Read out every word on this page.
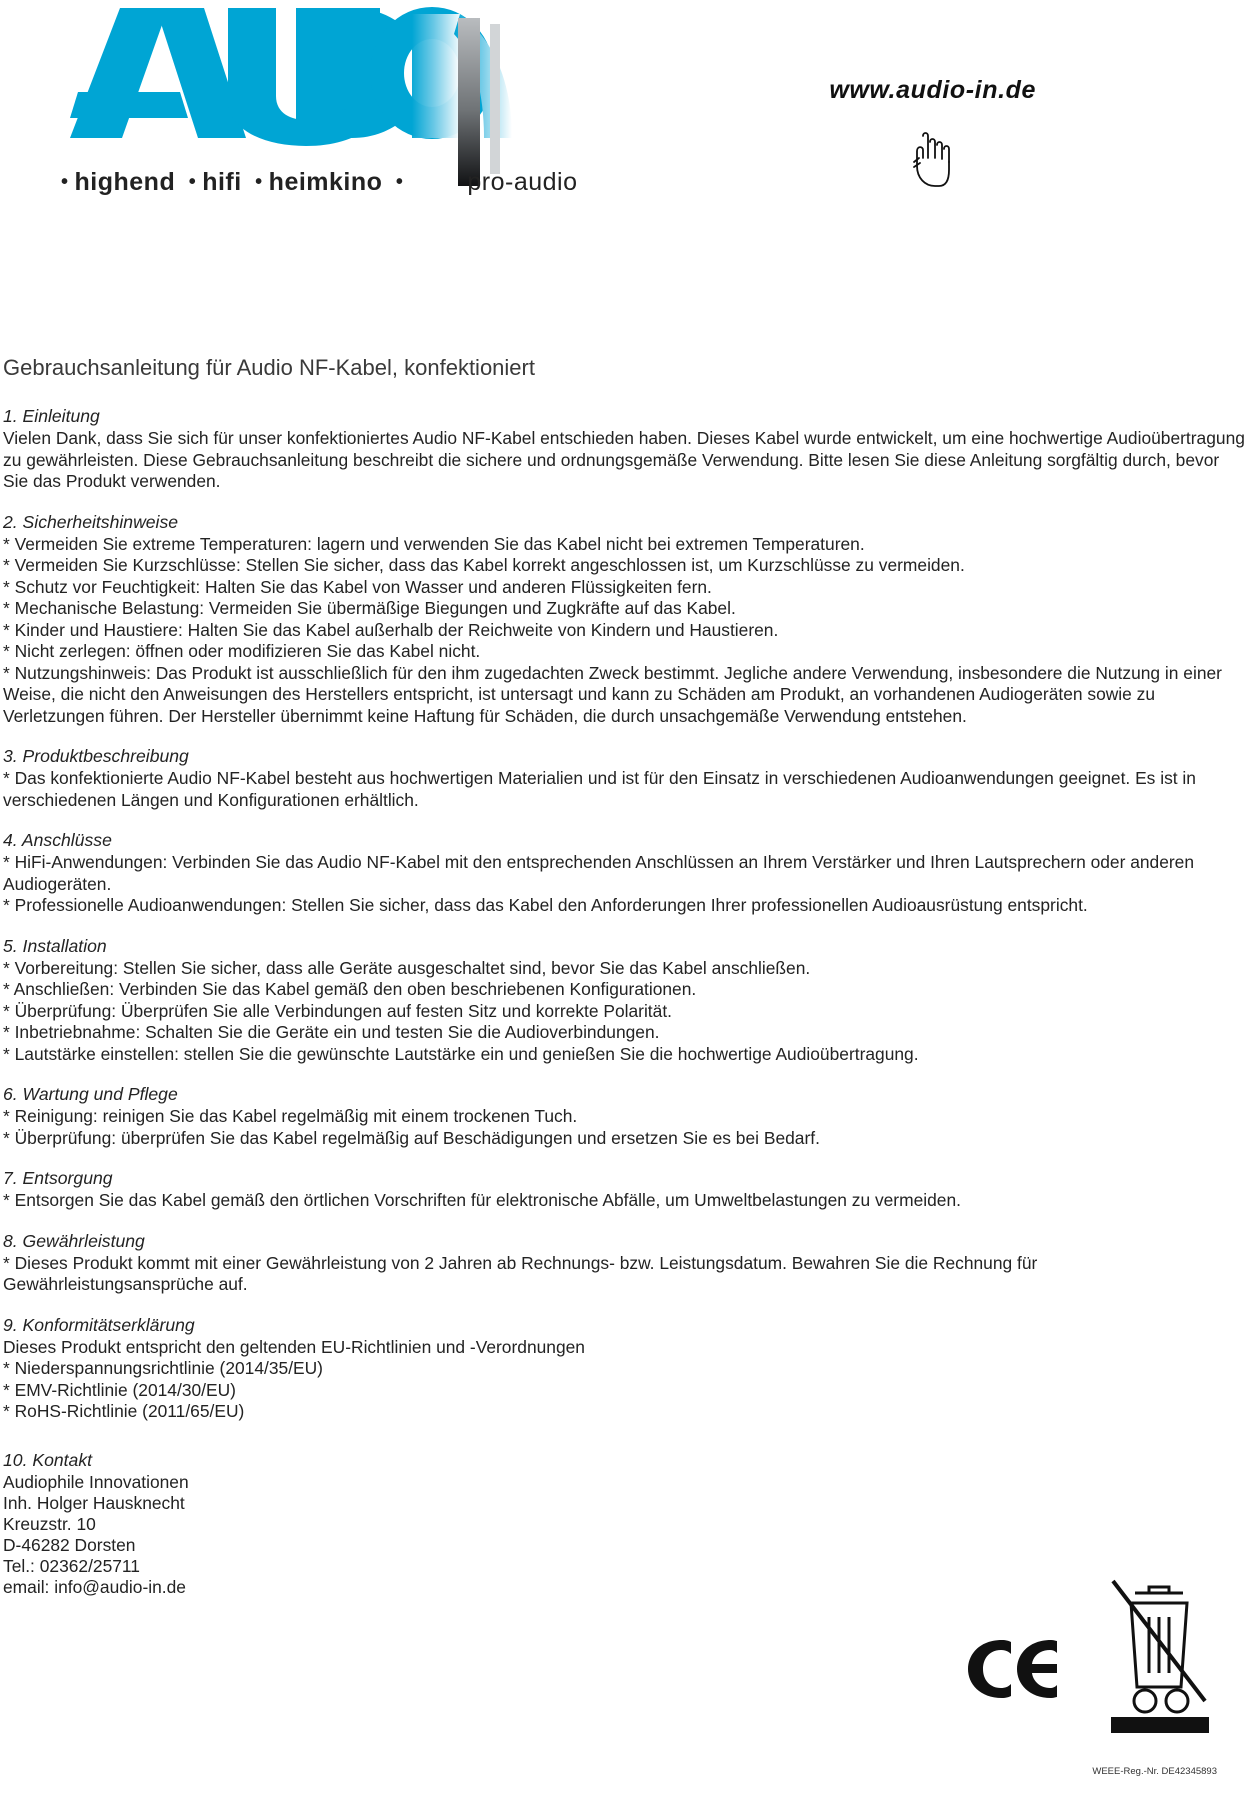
• highend • hifi • heimkino •	pro-audio
www.audio-in.de
Gebrauchsanleitung für Audio NF-Kabel, konfektioniert
1. Einleitung

Vielen Dank, dass Sie sich für unser konfektioniertes Audio NF-Kabel entschieden haben. Dieses Kabel wurde entwickelt, um eine hochwertige Audioübertragung zu gewährleisten. Diese Gebrauchsanleitung beschreibt die sichere und ordnungsgemäße Verwendung. Bitte lesen Sie diese Anleitung sorgfältig durch, bevor Sie das Produkt verwenden.

2. Sicherheitshinweise
* Vermeiden Sie extreme Temperaturen: lagern und verwenden Sie das Kabel nicht bei extremen Temperaturen.
* Vermeiden Sie Kurzschlüsse: Stellen Sie sicher, dass das Kabel korrekt angeschlossen ist, um Kurzschlüsse zu vermeiden.
* Schutz vor Feuchtigkeit: Halten Sie das Kabel von Wasser und anderen Flüssigkeiten fern.
* Mechanische Belastung: Vermeiden Sie übermäßige Biegungen und Zugkräfte auf das Kabel.
* Kinder und Haustiere: Halten Sie das Kabel außerhalb der Reichweite von Kindern und Haustieren.
* Nicht zerlegen: öffnen oder modifizieren Sie das Kabel nicht.

* Nutzungshinweis: Das Produkt ist ausschließlich für den ihm zugedachten Zweck bestimmt. Jegliche andere Verwendung, insbesondere die Nutzung in einer Weise, die nicht den Anweisungen des Herstellers entspricht, ist untersagt und kann zu Schäden am Produkt, an vorhandenen Audiogeräten sowie zu Verletzungen führen. Der Hersteller übernimmt keine Haftung für Schäden, die durch unsachgemäße Verwendung entstehen.

3. Produktbeschreibung

* Das konfektionierte Audio NF-Kabel besteht aus hochwertigen Materialien und ist für den Einsatz in verschiedenen Audioanwendungen geeignet. Es ist in verschiedenen Längen und Konfigurationen erhältlich.

4. Anschlüsse

* HiFi-Anwendungen: Verbinden Sie das Audio NF-Kabel mit den entsprechenden Anschlüssen an Ihrem Verstärker und Ihren Lautsprechern oder anderen Audiogeräten.

* Professionelle Audioanwendungen: Stellen Sie sicher, dass das Kabel den Anforderungen Ihrer professionellen Audioausrüstung entspricht.

5. Installation
* Vorbereitung: Stellen Sie sicher, dass alle Geräte ausgeschaltet sind, bevor Sie das Kabel anschließen.
* Anschließen: Verbinden Sie das Kabel gemäß den oben beschriebenen Konfigurationen.
* Überprüfung: Überprüfen Sie alle Verbindungen auf festen Sitz und korrekte Polarität.
* Inbetriebnahme: Schalten Sie die Geräte ein und testen Sie die Audioverbindungen.
* Lautstärke einstellen: stellen Sie die gewünschte Lautstärke ein und genießen Sie die hochwertige Audioübertragung.
6. Wartung und Pflege
* Reinigung: reinigen Sie das Kabel regelmäßig mit einem trockenen Tuch.
* Überprüfung: überprüfen Sie das Kabel regelmäßig auf Beschädigungen und ersetzen Sie es bei Bedarf.
7. Entsorgung
* Entsorgen Sie das Kabel gemäß den örtlichen Vorschriften für elektronische Abfälle, um Umweltbelastungen zu vermeiden.
8. Gewährleistung

* Dieses Produkt kommt mit einer Gewährleistung von 2 Jahren ab Rechnungs- bzw. Leistungsdatum. Bewahren Sie die Rechnung für Gewährleistungsansprüche auf.

9. Konformitätserklärung
Dieses Produkt entspricht den geltenden EU-Richtlinien und -Verordnungen
* Niederspannungsrichtlinie (2014/35/EU)
* EMV-Richtlinie (2014/30/EU)
* RoHS-Richtlinie (2011/65/EU)
10. Kontakt
Audiophile Innovationen
Inh. Holger Hausknecht
Kreuzstr. 10
D-46282 Dorsten
Tel.: 02362/25711
email: info@audio-in.de
WEEE-Reg.-Nr. DE42345893
